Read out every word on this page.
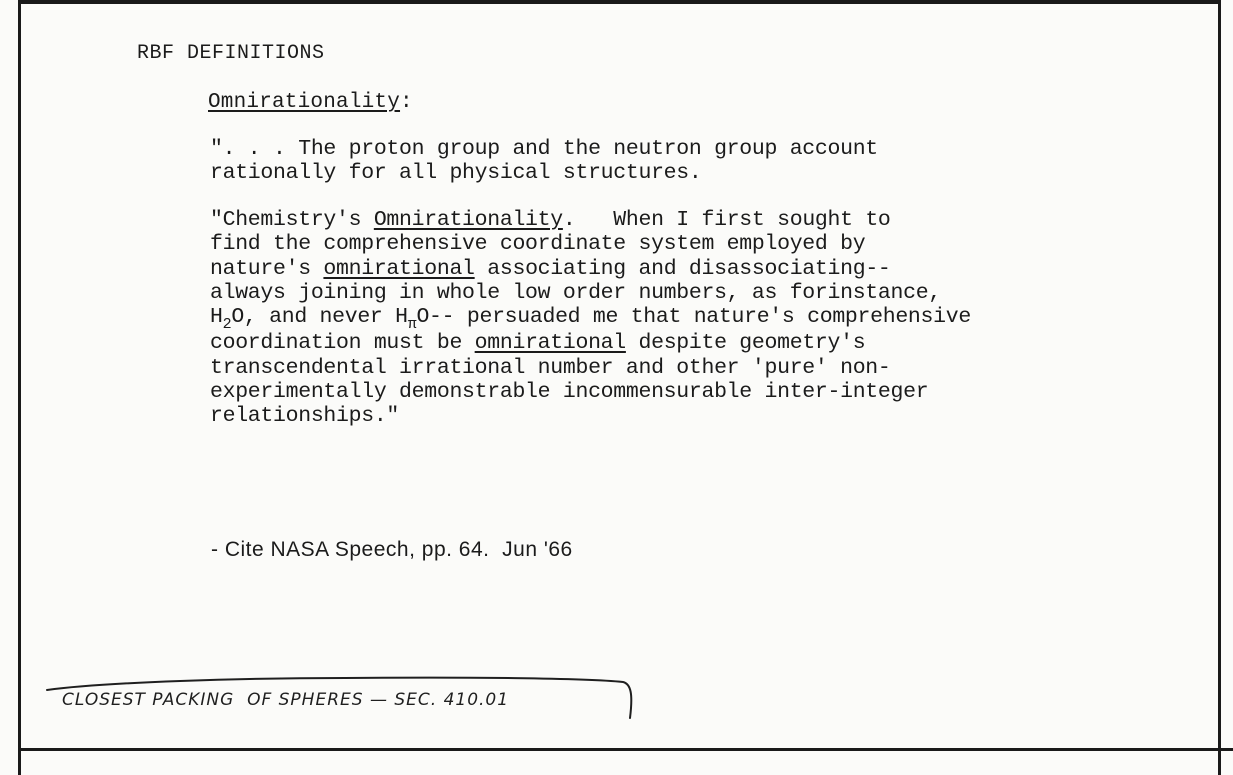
RBF DEFINITIONS
Omnirationality:
". . . The proton group and the neutron group account
rationally for all physical structures.
"Chemistry's Omnirationality.   When I first sought to
find the comprehensive coordinate system employed by
nature's omnirational associating and disassociating--
always joining in whole low order numbers, as forinstance,
$H_2O$, and never $H_\pi O--$ persuaded me that nature's comprehensive
coordination must be omnirational despite geometry's
transcendental irrational number and other 'pure' non-
experimentally demonstrable incommensurable inter-integer
relationships."
- Cite NASA Speech, pp. 64.  Jun '66
CLOSEST PACKING  OF SPHERES — SEC. 410.01
